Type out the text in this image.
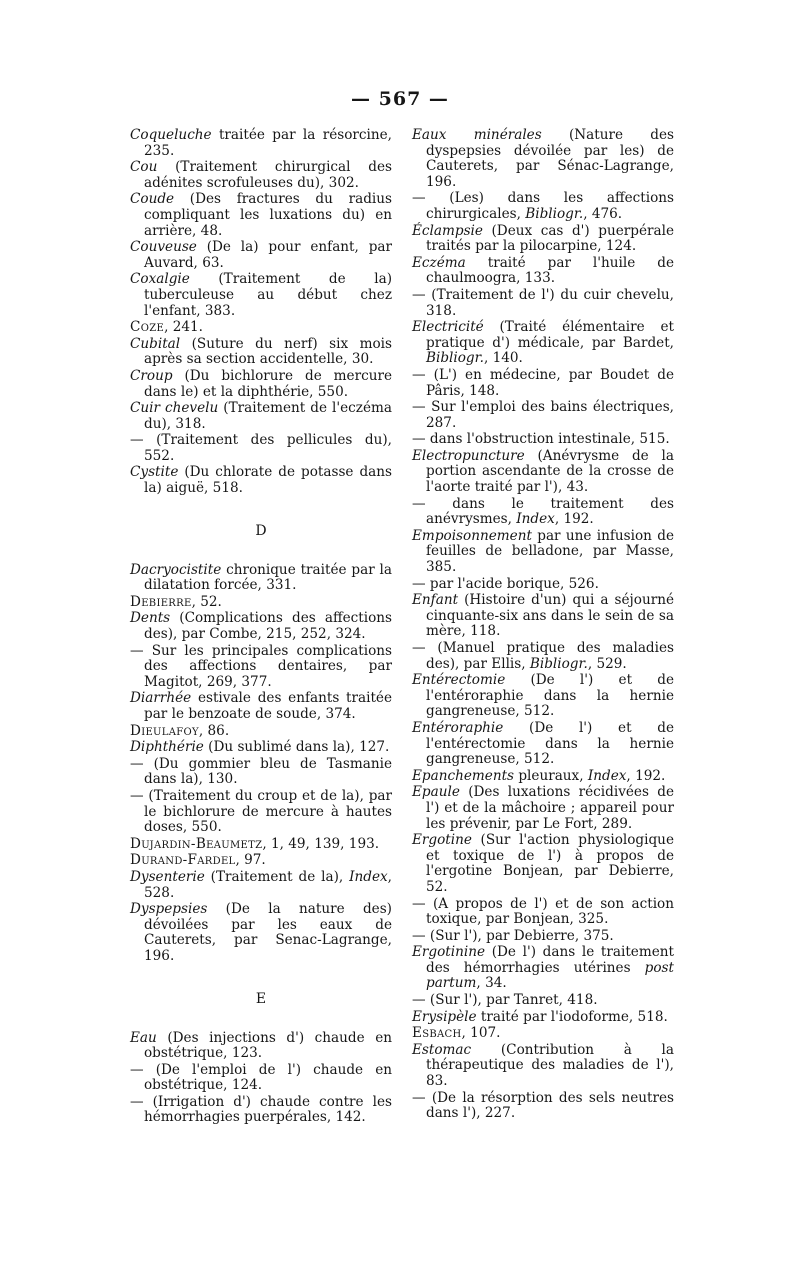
— 567 —
Coqueluche traitée par la résorcine, 235.
Cou (Traitement chirurgical des adénites scrofuleuses du), 302.
Coude (Des fractures du radius compliquant les luxations du) en arrière, 48.
Couveuse (De la) pour enfant, par Auvard, 63.
Coxalgie (Traitement de la) tuberculeuse au début chez l'enfant, 383.
Coze, 241.
Cubital (Suture du nerf) six mois après sa section accidentelle, 30.
Croup (Du bichlorure de mercure dans le) et la diphthérie, 550.
Cuir chevelu (Traitement de l'eczéma du), 318.
— (Traitement des pellicules du), 552.
Cystite (Du chlorate de potasse dans la) aiguë, 518.
D
Dacryocistite chronique traitée par la dilatation forcée, 331.
Debierre, 52.
Dents (Complications des affections des), par Combe, 215, 252, 324.
— Sur les principales complications des affections dentaires, par Magitot, 269, 377.
Diarrhée estivale des enfants traitée par le benzoate de soude, 374.
Dieulafoy, 86.
Diphthérie (Du sublimé dans la), 127.
— (Du gommier bleu de Tasmanie dans la), 130.
— (Traitement du croup et de la), par le bichlorure de mercure à hautes doses, 550.
Dujardin-Beaumetz, 1, 49, 139, 193.
Durand-Fardel, 97.
Dysenterie (Traitement de la), Index, 528.
Dyspepsies (De la nature des) dévoilées par les eaux de Cauterets, par Senac-Lagrange, 196.
E
Eau (Des injections d') chaude en obstétrique, 123.
— (De l'emploi de l') chaude en obstétrique, 124.
— (Irrigation d') chaude contre les hémorrhagies puerpérales, 142.
Eaux minérales (Nature des dyspepsies dévoilée par les) de Cauterets, par Sénac-Lagrange, 196.
— (Les) dans les affections chirurgicales, Bibliogr., 476.
Éclampsie (Deux cas d') puerpérale traités par la pilocarpine, 124.
Eczéma traité par l'huile de chaulmoogra, 133.
— (Traitement de l') du cuir chevelu, 318.
Electricité (Traité élémentaire et pratique d') médicale, par Bardet, Bibliogr., 140.
— (L') en médecine, par Boudet de Pâris, 148.
— Sur l'emploi des bains électriques, 287.
— dans l'obstruction intestinale, 515.
Electropuncture (Anévrysme de la portion ascendante de la crosse de l'aorte traité par l'), 43.
— dans le traitement des anévrysmes, Index, 192.
Empoisonnement par une infusion de feuilles de belladone, par Masse, 385.
— par l'acide borique, 526.
Enfant (Histoire d'un) qui a séjourné cinquante-six ans dans le sein de sa mère, 118.
— (Manuel pratique des maladies des), par Ellis, Bibliogr., 529.
Entérectomie (De l') et de l'entérorаphie dans la hernie gangreneuse, 512.
Entérorаphie (De l') et de l'entérectomie dans la hernie gangreneuse, 512.
Epanchements pleuraux, Index, 192.
Epaule (Des luxations récidivées de l') et de la mâchoire ; appareil pour les prévenir, par Le Fort, 289.
Ergotine (Sur l'action physiologique et toxique de l') à propos de l'ergotine Bonjean, par Debierre, 52.
— (A propos de l') et de son action toxique, par Bonjean, 325.
— (Sur l'), par Debierre, 375.
Ergotinine (De l') dans le traitement des hémorrhagies utérines post partum, 34.
— (Sur l'), par Tanret, 418.
Erysipèle traité par l'iodoforme, 518.
Esbach, 107.
Estomac (Contribution à la thérapeutique des maladies de l'), 83.
— (De la résorption des sels neutres dans l'), 227.
